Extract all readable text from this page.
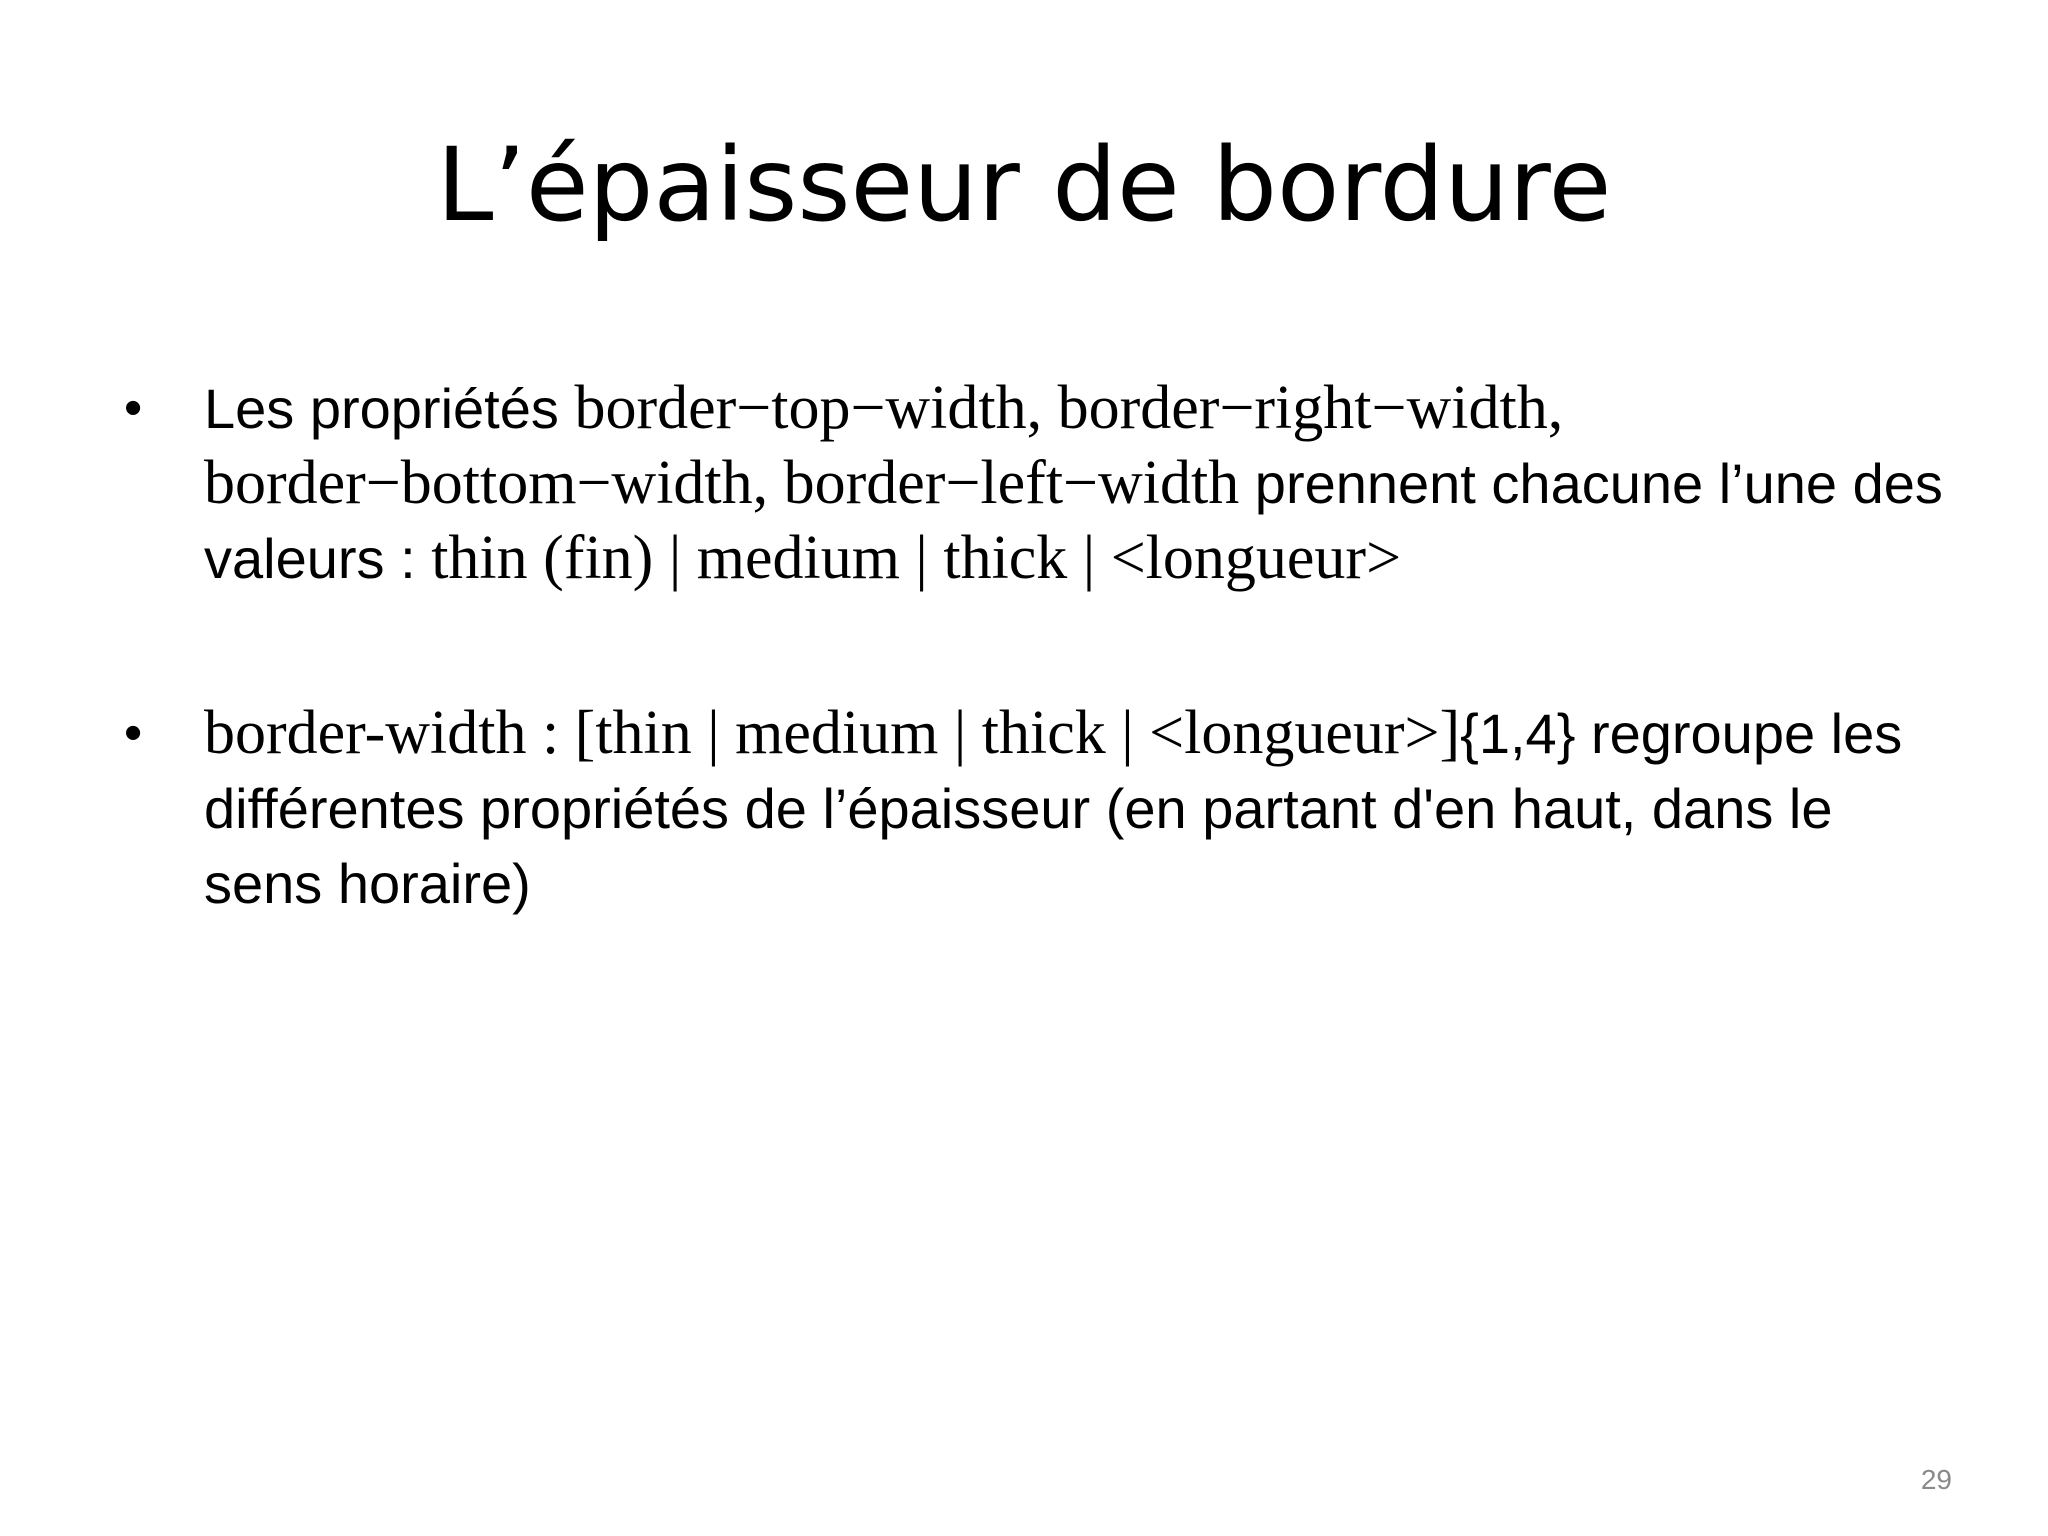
L’épaisseur de bordure
• Les propriétés border−top−width, border−right−width, border−bottom−width, border−left−width prennent chacune l’une des valeurs : thin (fin) | medium | thick | <longueur>
• border-width : [thin | medium | thick | <longueur>]{1,4} regroupe les différentes propriétés de l’épaisseur (en partant d'en haut, dans le sens horaire)
29
